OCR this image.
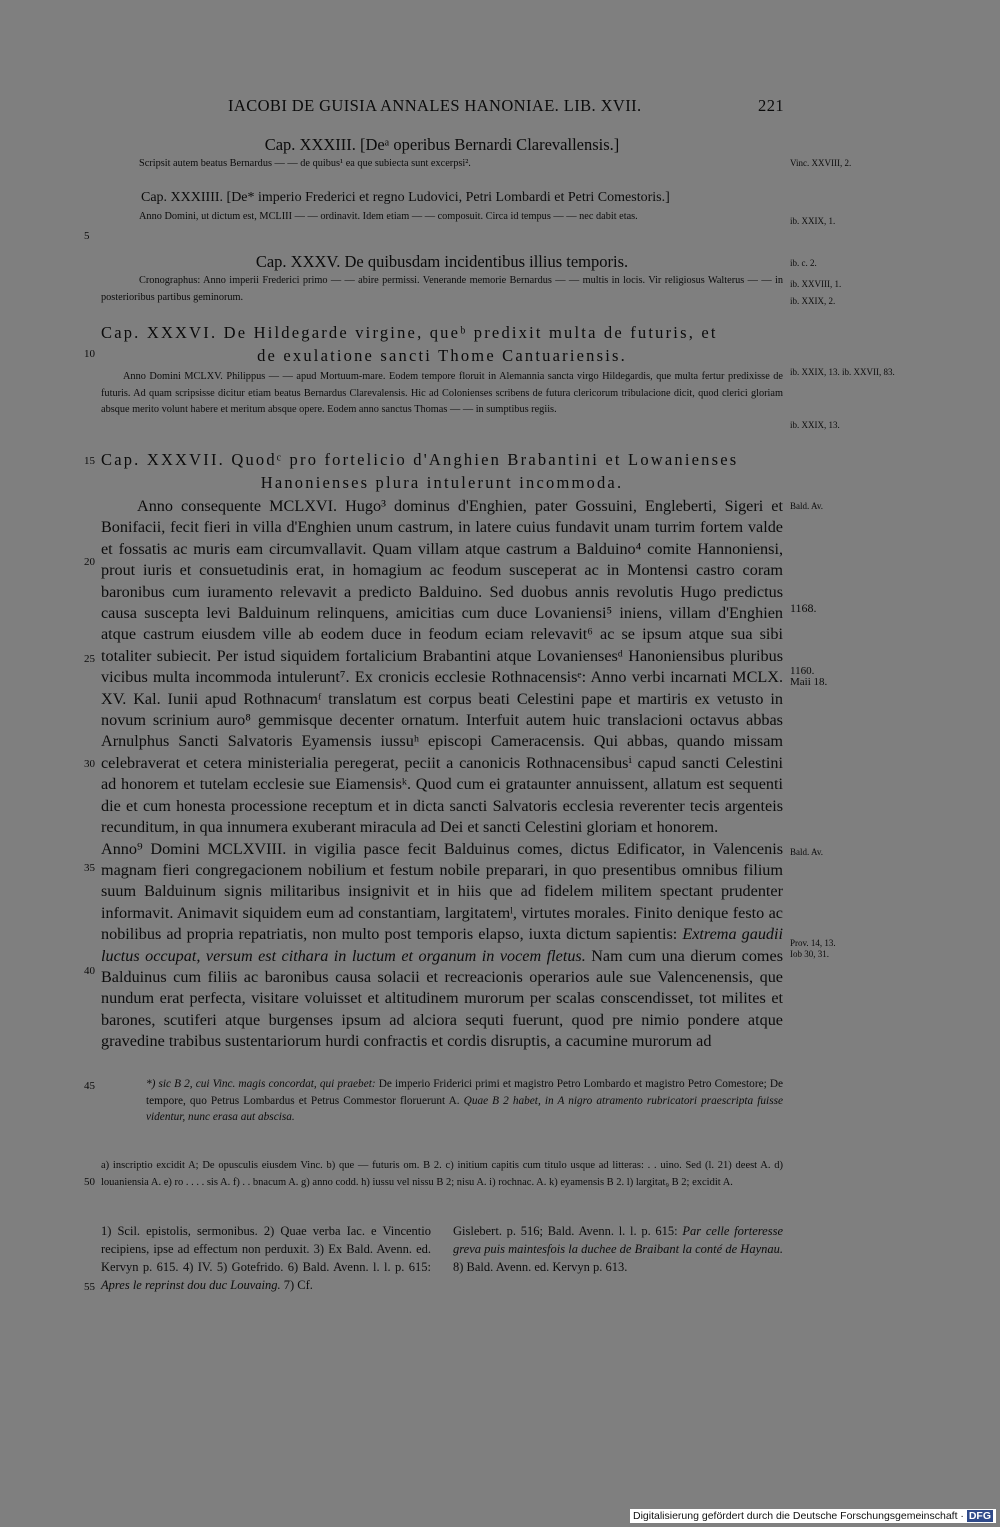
IACOBI DE GUISIA ANNALES HANONIAE. LIB. XVII.	221

Cap. XXXIII. [Deᵃ operibus Bernardi Clarevallensis.]

Scripsit autem beatus Bernardus — — de quibus¹ ea que subiecta sunt excerpsi².	Vinc. XXVIII, 2.

Cap. XXXIIII. [De* imperio Frederici et regno Ludovici, Petri Lombardi et Petri Comestoris.]

Anno Domini, ut dictum est, MCLIII — — ordinavit. Idem etiam — — composuit. Circa id tempus — — nec dabit etas.	ib. XXIX, 1.

Cap. XXXV. De quibusdam incidentibus illius temporis.

Cronographus: Anno imperii Frederici primo — — abire permissi. Venerande memorie Bernardus — — multis in locis. Vir religiosus Walterus — — in posterioribus partibus geminorum.

ib. c. 2.
ib. XXVIII, 1.
ib. XXIX, 2.

Cap. XXXVI. De Hildegarde virgine, queᵇ predixit multa de futuris, et

de exulatione sancti Thome Cantuariensis.

Anno Domini MCLXV. Philippus — — apud Mortuum-mare. Eodem tempore floruit in Alemannia sancta virgo Hildegardis, que multa fertur predixisse de futuris. Ad quam scripsisse dicitur etiam beatus Bernardus Clarevalensis. Hic ad Colonienses scribens de futura clericorum tribulacione dicit, quod clerici gloriam absque merito volunt habere et meritum absque opere. Eodem anno sanctus Thomas — — in sumptibus regiis.

ib. XXIX, 13. ib. XXVII, 83.
ib. XXIX, 13.

Cap. XXXVII. Quodᶜ pro fortelicio d'Anghien Brabantini et Lowanienses

Hanonienses plura intulerunt incommoda.

Anno consequente MCLXVI. Hugo³ dominus d'Enghien, pater Gossuini, Engleberti, Sigeri et Bonifacii, fecit fieri in villa d'Enghien unum castrum, in latere cuius fundavit unam turrim fortem valde et fossatis ac muris eam circumvallavit. Quam villam atque castrum a Balduino⁴ comite Hannoniensi, prout iuris et consuetudinis erat, in homagium ac feodum susceperat ac in Montensi castro coram baronibus cum iuramento relevavit a predicto Balduino. Sed duobus annis revolutis Hugo predictus causa suscepta levi Balduinum relinquens, amicitias cum duce Lovaniensi⁵ iniens, villam d'Enghien atque castrum eiusdem ville ab eodem duce in feodum eciam relevavit⁶ ac se ipsum atque sua sibi totaliter subiecit. Per istud siquidem fortalicium Brabantini atque Lovaniensesᵈ Hanoniensibus pluribus vicibus multa incommoda intulerunt⁷. Ex cronicis ecclesie Rothnacensisᵉ: Anno verbi incarnati MCLX. XV. Kal. Iunii apud Rothnacumᶠ translatum est corpus beati Celestini pape et martiris ex vetusto in novum scrinium auro⁸ gemmisque decenter ornatum. Interfuit autem huic translacioni octavus abbas Arnulphus Sancti Salvatoris Eyamensis iussuʰ episcopi Cameracensis. Qui abbas, quando missam celebraverat et cetera ministerialia peregerat, peciit a canonicis Rothnacensibusⁱ capud sancti Celestini ad honorem et tutelam ecclesie sue Eiamensisᵏ. Quod cum ei grataunter annuissent, allatum est sequenti die et cum honesta processione receptum et in dicta sancti Salvatoris ecclesia reverenter tecis argenteis recunditum, in qua innumera exuberant miracula ad Dei et sancti Celestini gloriam et honorem.

Anno⁹ Domini MCLXVIII. in vigilia pasce fecit Balduinus comes, dictus Edificator, in Valencenis magnam fieri congregacionem nobilium et festum nobile preparari, in quo presentibus omnibus filium suum Balduinum signis militaribus insignivit et in hiis que ad fidelem militem spectant prudenter informavit. Animavit siquidem eum ad constantiam, largitatemˡ, virtutes morales. Finito denique festo ac nobilibus ad propria repatriatis, non multo post temporis elapso, iuxta dictum sapientis: Extrema gaudii luctus occupat, versum est cithara in luctum et organum in vocem fletus. Nam cum una dierum comes Balduinus cum filiis ac baronibus causa solacii et recreacionis operarios aule sue Valencenensis, que nundum erat perfecta, visitare voluisset et altitudinem murorum per scalas conscendisset, tot milites et barones, scutiferi atque burgenses ipsum ad alciora sequti fuerunt, quod pre nimio pondere atque gravedine trabibus sustentariorum hurdi confractis et cordis disruptis, a cacumine murorum ad

Bald. Av.
1168.
1160. Maii 18.
Bald. Av.
Prov. 14, 13. Iob 30, 31.
5
10
15
20
25
30
35
40
45
50
55

*) sic B 2, cui Vinc. magis concordat, qui praebet: De imperio Friderici primi et magistro Petro Lombardo et magistro Petro Comestore; De tempore, quo Petrus Lombardus et Petrus Commestor floruerunt A. Quae B 2 habet, in A nigro atramento rubricatori praescripta fuisse videntur, nunc erasa aut abscisa.

a) inscriptio excidit A; De opusculis eiusdem Vinc. b) que — futuris om. B 2. c) initium capitis cum titulo usque ad litteras: . . uino. Sed (l. 21) deest A. d) louaniensia A. e) ro . . . . sis A. f) . . bnacum A. g) anno codd. h) iussu vel nissu B 2; nisu A. i) rochnac. A. k) eyamensis B 2. l) largitat₉ B 2; excidit A.

1) Scil. epistolis, sermonibus. 2) Quae verba Iac. e Vincentio recipiens, ipse ad effectum non perduxit. 3) Ex Bald. Avenn. ed. Kervyn p. 615. 4) IV. 5) Gotefrido. 6) Bald. Avenn. l. l. p. 615: Apres le reprinst dou duc Louvaing. 7) Cf.
Gislebert. p. 516; Bald. Avenn. l. l. p. 615: Par celle forteresse greva puis maintesfois la duchee de Braibant la conté de Haynau. 8) Bald. Avenn. ed. Kervyn p. 613.
Digitalisierung gefördert durch die Deutsche Forschungsgemeinschaft · DFG
